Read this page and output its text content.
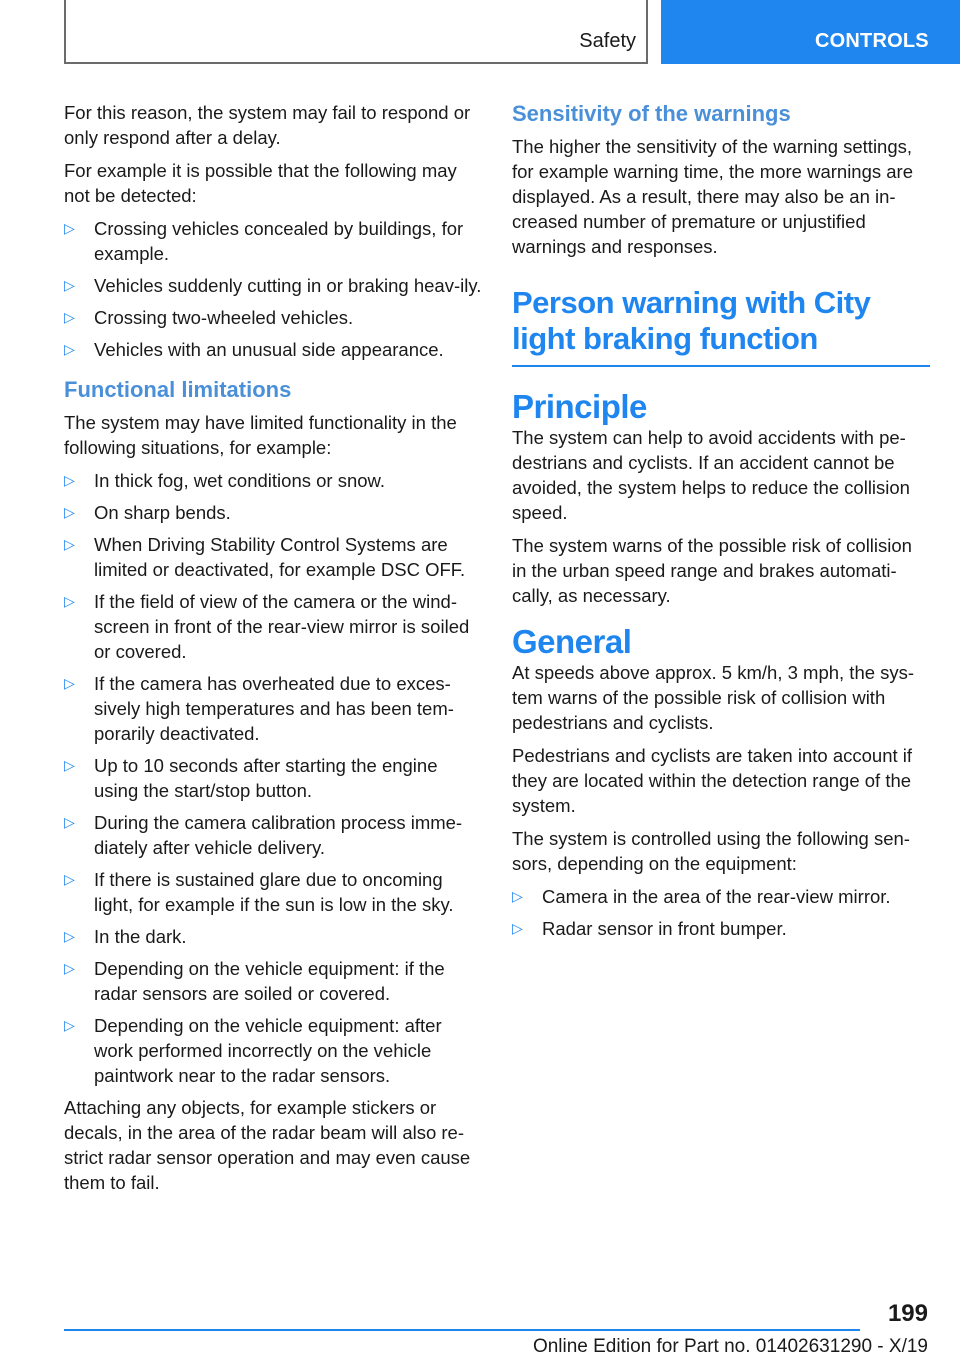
Safety	CONTROLS

For this reason, the system may fail to respond or only respond after a delay.

For example it is possible that the following may not be detected:

▷ Crossing vehicles concealed by buildings, for example.
▷ Vehicles suddenly cutting in or braking heav-ily.
▷ Crossing two-wheeled vehicles.
▷ Vehicles with an unusual side appearance.
Functional limitations

The system may have limited functionality in the following situations, for example:

▷ In thick fog, wet conditions or snow.
▷ On sharp bends.
▷ When Driving Stability Control Systems are limited or deactivated, for example DSC OFF.
▷ If the field of view of the camera or the wind-screen in front of the rear-view mirror is soiled or covered.
▷ If the camera has overheated due to exces-sively high temperatures and has been tem-porarily deactivated.
▷ Up to 10 seconds after starting the engine using the start/stop button.
▷ During the camera calibration process imme-diately after vehicle delivery.
▷ If there is sustained glare due to oncoming light, for example if the sun is low in the sky.
▷ In the dark.
▷ Depending on the vehicle equipment: if the radar sensors are soiled or covered.
▷ Depending on the vehicle equipment: after work performed incorrectly on the vehicle paintwork near to the radar sensors.

Attaching any objects, for example stickers or decals, in the area of the radar beam will also re-strict radar sensor operation and may even cause them to fail.

Sensitivity of the warnings

The higher the sensitivity of the warning settings, for example warning time, the more warnings are displayed. As a result, there may also be an in-creased number of premature or unjustified warnings and responses.

Person warning with City light braking function
Principle

The system can help to avoid accidents with pe-destrians and cyclists. If an accident cannot be avoided, the system helps to reduce the collision speed.

The system warns of the possible risk of collision in the urban speed range and brakes automati-cally, as necessary.

General

At speeds above approx. 5 km/h, 3 mph, the sys-tem warns of the possible risk of collision with pedestrians and cyclists.

Pedestrians and cyclists are taken into account if they are located within the detection range of the system.

The system is controlled using the following sen-sors, depending on the equipment:

▷ Camera in the area of the rear-view mirror.
▷ Radar sensor in front bumper.
199
Online Edition for Part no. 01402631290 - X/19
